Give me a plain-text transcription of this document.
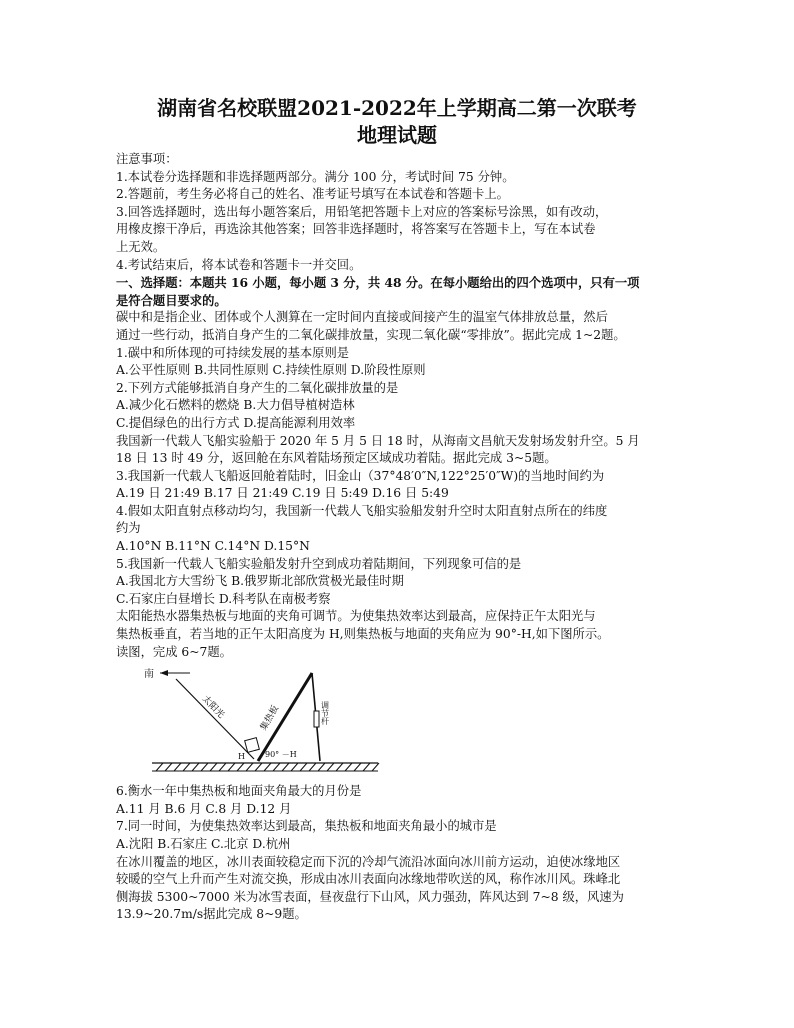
湖南省名校联盟2021-2022年上学期高二第一次联考
地理试题
注意事项：
1.本试卷分选择题和非选择题两部分。满分 100 分，考试时间 75 分钟。
2.答题前，考生务必将自己的姓名、准考证号填写在本试卷和答题卡上。
3.回答选择题时，选出每小题答案后，用铅笔把答题卡上对应的答案标号涂黑，如有改动，
用橡皮擦干净后，再选涂其他答案；回答非选择题时，将答案写在答题卡上，写在本试卷
上无效。
4.考试结束后，将本试卷和答题卡一并交回。
一、选择题：本题共 16 小题，每小题 3 分，共 48 分。在每小题给出的四个选项中，只有一项
是符合题目要求的。
碳中和是指企业、团体或个人测算在一定时间内直接或间接产生的温室气体排放总量，然后
通过一些行动，抵消自身产生的二氧化碳排放量，实现二氧化碳“零排放”。据此完成 1~2题。
1.碳中和所体现的可持续发展的基本原则是
A.公平性原则 B.共同性原则 C.持续性原则 D.阶段性原则
2.下列方式能够抵消自身产生的二氧化碳排放量的是
A.减少化石燃料的燃烧 B.大力倡导植树造林
C.提倡绿色的出行方式 D.提高能源利用效率
我国新一代载人飞船实验船于 2020 年 5 月 5 日 18 时，从海南文昌航天发射场发射升空。5 月
18 日 13 时 49 分，返回舱在东风着陆场预定区域成功着陆。据此完成 3~5题。
3.我国新一代载人飞船返回舱着陆时，旧金山（37°48′0″N,122°25′0″W)的当地时间约为
A.19 日 21:49 B.17 日 21:49 C.19 日 5:49 D.16 日 5:49
4.假如太阳直射点移动均匀，我国新一代载人飞船实验船发射升空时太阳直射点所在的纬度
约为
A.10°N B.11°N C.14°N D.15°N
5.我国新一代载人飞船实验船发射升空到成功着陆期间，下列现象可信的是
A.我国北方大雪纷飞 B.俄罗斯北部欣赏极光最佳时期
C.石家庄白昼增长 D.科考队在南极考察
太阳能热水器集热板与地面的夹角可调节。为使集热效率达到最高，应保持正午太阳光与
集热板垂直，若当地的正午太阳高度为 H,则集热板与地面的夹角应为 90°-H,如下图所示。
读图，完成 6~7题。
南
太阳光	集热板	调节杆
H	90° －H
6.衡水一年中集热板和地面夹角最大的月份是
A.11 月 B.6 月 C.8 月 D.12 月
7.同一时间，为使集热效率达到最高，集热板和地面夹角最小的城市是
A.沈阳 B.石家庄 C.北京 D.杭州
在冰川覆盖的地区，冰川表面较稳定而下沉的冷却气流沿冰面向冰川前方运动，迫使冰缘地区
较暖的空气上升而产生对流交换，形成由冰川表面向冰缘地带吹送的风，称作冰川风。珠峰北
侧海拔 5300~7000 米为冰雪表面，昼夜盘行下山风，风力强劲，阵风达到 7~8 级，风速为
13.9~20.7m/s据此完成 8~9题。
